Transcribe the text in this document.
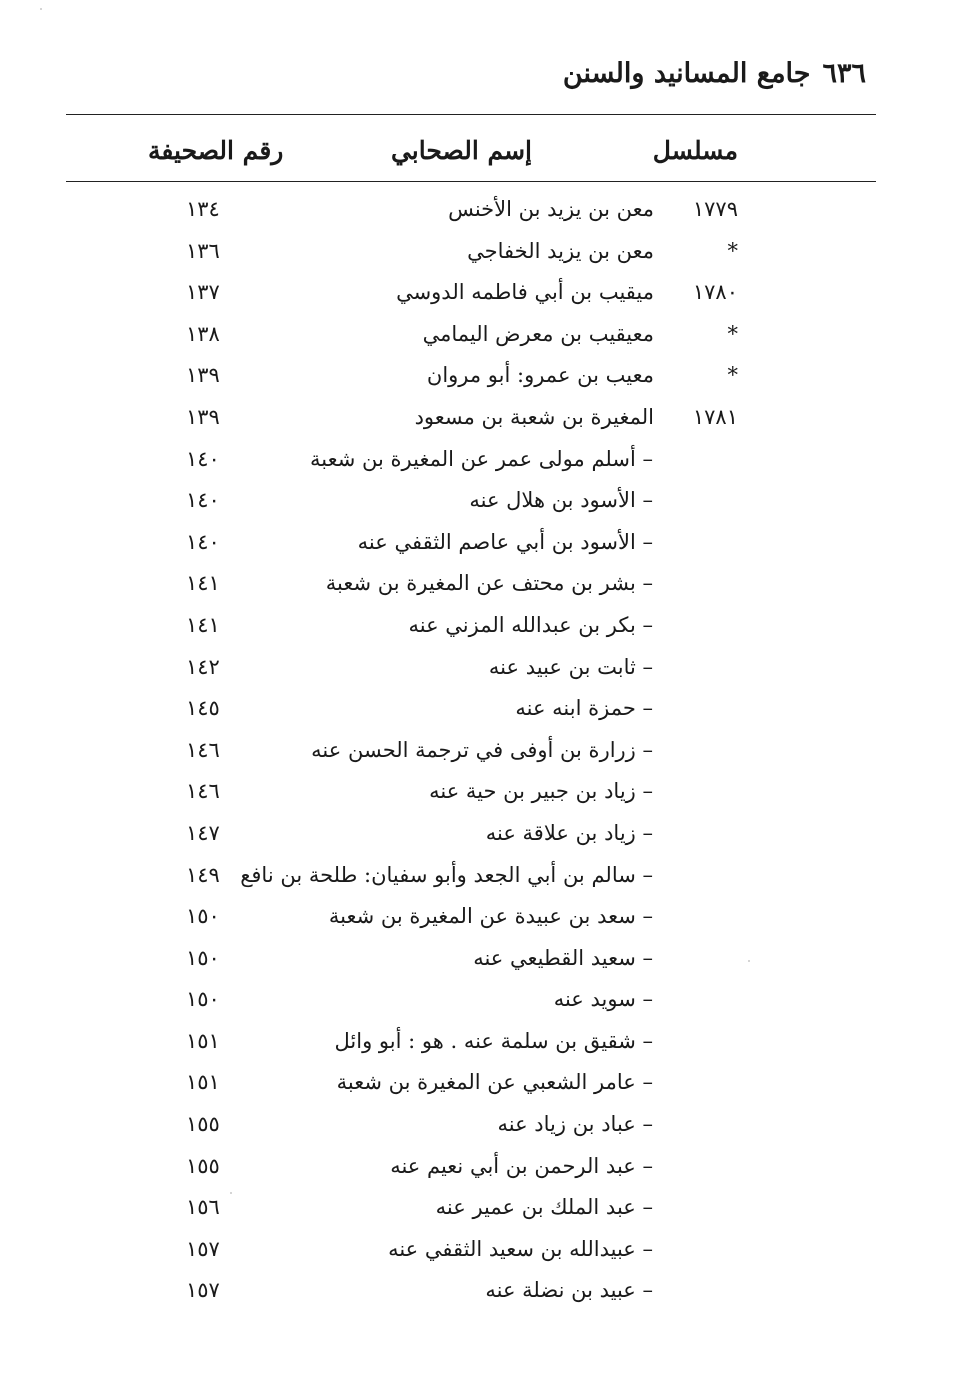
٦٣٦جامع المسانيد والسنن
مسلسل
إسم الصحابي
رقم الصحيفة
١٧٧٩
معن بن يزيد بن الأخنس
١٣٤
*
معن بن يزيد الخفاجي
١٣٦
١٧٨٠
ميقيب بن أبي فاطمه الدوسي
١٣٧
*
معيقيب بن معرض اليمامي
١٣٨
*
معيب بن عمرو: أبو مروان
١٣٩
١٧٨١
المغيرة بن شعبة بن مسعود
١٣٩
– أسلم مولى عمر عن المغيرة بن شعبة
١٤٠
– الأسود بن هلال عنه
١٤٠
– الأسود بن أبي عاصم الثقفي عنه
١٤٠
– بشر بن محتف عن المغيرة بن شعبة
١٤١
– بكر بن عبدالله المزني عنه
١٤١
– ثابت بن عبيد عنه
١٤٢
– حمزة ابنه عنه
١٤٥
– زرارة بن أوفى في ترجمة الحسن عنه
١٤٦
– زياد بن جبير بن حية عنه
١٤٦
– زياد بن علاقة عنه
١٤٧
– سالم بن أبي الجعد وأبو سفيان: طلحة بن نافع
١٤٩
– سعد بن عبيدة عن المغيرة بن شعبة
١٥٠
– سعيد القطيعي عنه
١٥٠
– سويد عنه
١٥٠
– شقيق بن سلمة عنه . هو : أبو وائل
١٥١
– عامر الشعبي عن المغيرة بن شعبة
١٥١
– عباد بن زياد عنه
١٥٥
– عبد الرحمن بن أبي نعيم عنه
١٥٥
– عبد الملك بن عمير عنه
١٥٦
– عبيدالله بن سعيد الثقفي عنه
١٥٧
– عبيد بن نضلة عنه
١٥٧
